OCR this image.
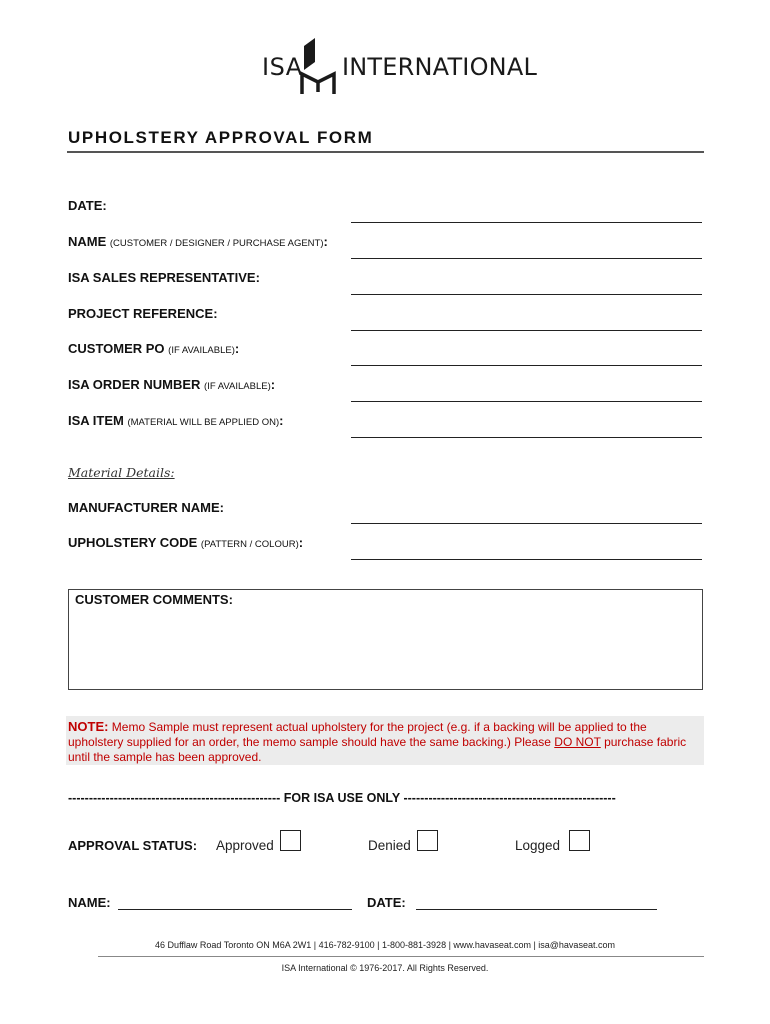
ISA INTERNATIONAL
UPHOLSTERY APPROVAL FORM
DATE:
NAME (CUSTOMER / DESIGNER / PURCHASE AGENT):
ISA SALES REPRESENTATIVE:
PROJECT REFERENCE:
CUSTOMER PO (IF AVAILABLE):
ISA ORDER NUMBER (IF AVAILABLE):
ISA ITEM (MATERIAL WILL BE APPLIED ON):
Material Details:
MANUFACTURER NAME:
UPHOLSTERY CODE (PATTERN / COLOUR):
CUSTOMER COMMENTS:
NOTE: Memo Sample must represent actual upholstery for the project (e.g. if a backing will be applied to the upholstery supplied for an order, the memo sample should have the same backing.) Please DO NOT purchase fabric until the sample has been approved.
--------------------------------------------------- FOR ISA USE ONLY ---------------------------------------------------
APPROVAL STATUS: Approved	Denied	Logged
NAME:	DATE:
46 Dufflaw Road Toronto ON M6A 2W1 | 416-782-9100 | 1-800-881-3928 | www.havaseat.com | isa@havaseat.com
ISA International © 1976-2017. All Rights Reserved.
